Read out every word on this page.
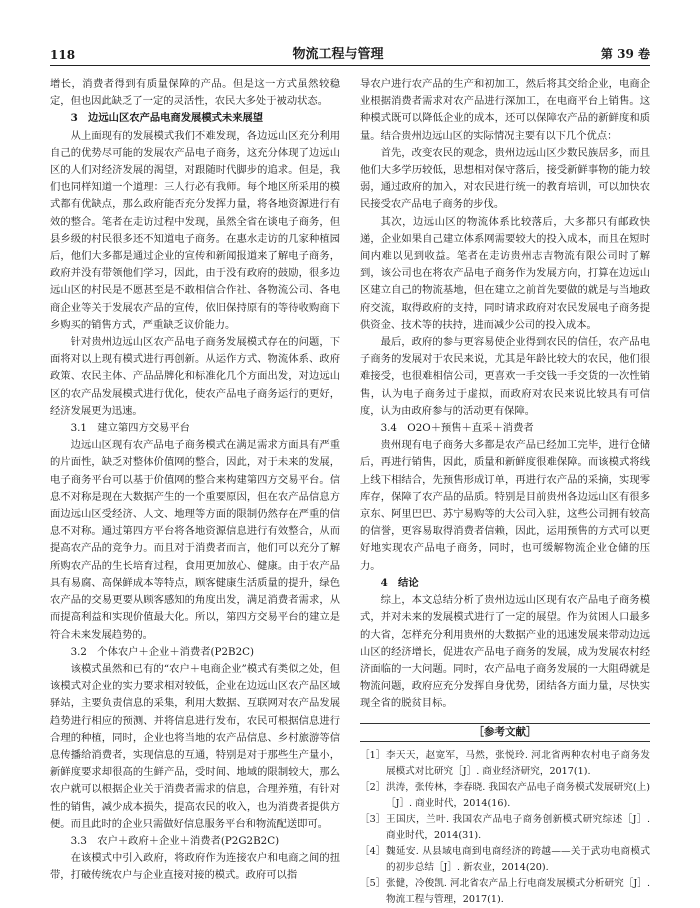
118	物流工程与管理	第 39 卷

增长，消费者得到有质量保障的产品。但是这一方式虽然较稳定，但也因此缺乏了一定的灵活性，农民大多处于被动状态。

3　边远山区农产品电商发展模式未来展望

从上面现有的发展模式我们不难发现，各边远山区充分利用自己的优势尽可能的发展农产品电子商务，这充分体现了边远山区的人们对经济发展的渴望，对跟随时代脚步的追求。但是，我们也同样知道一个道理：三人行必有我师。每个地区所采用的模式都有优缺点，那么政府能否充分发挥力量，将各地资源进行有效的整合。笔者在走访过程中发现，虽然全省在谈电子商务，但县乡级的村民很多还不知道电子商务。在惠水走访的几家种植园后，他们大多都是通过企业的宣传和新闻报道来了解电子商务，政府并没有带领他们学习，因此，由于没有政府的鼓励，很多边远山区的村民是不愿甚至是不敢相信合作社、各物流公司、各电商企业等关于发展农产品的宣传，依旧保持原有的等待收购商下乡购买的销售方式，严重缺乏议价能力。

针对贵州边远山区农产品电子商务发展模式存在的问题，下面将对以上现有模式进行再创新。从运作方式、物流体系、政府政策、农民主体、产品品牌化和标准化几个方面出发，对边远山区的农产品发展模式进行优化，使农产品电子商务运行的更好，经济发展更为迅速。

3.1　建立第四方交易平台

边远山区现有农产品电子商务模式在满足需求方面具有严重的片面性，缺乏对整体价值网的整合，因此，对于未来的发展，电子商务平台可以基于价值网的整合来构建第四方交易平台。信息不对称是现在大数据产生的一个重要原因，但在农产品信息方面边远山区受经济、人文、地理等方面的限制仍然存在严重的信息不对称。通过第四方平台将各地资源信息进行有效整合，从而提高农产品的竞争力。而且对于消费者而言，他们可以充分了解所购农产品的生长培育过程，食用更加放心、健康。由于农产品具有易腐、高保鲜成本等特点，顾客健康生活质量的提升，绿色农产品的交易更要从顾客感知的角度出发，满足消费者需求，从而提高利益和实现价值最大化。所以，第四方交易平台的建立是符合未来发展趋势的。

3.2　个体农户＋企业＋消费者(P2B2C)

该模式虽然和已有的“农户＋电商企业”模式有类似之处，但该模式对企业的实力要求相对较低，企业在边远山区农产品区域驿站，主要负责信息的采集，利用大数据、互联网对农产品发展趋势进行相应的预测、并将信息进行发布，农民可根据信息进行合理的种植，同时，企业也将当地的农产品信息、乡村旅游等信息传播给消费者，实现信息的互通，特别是对于那些生产量小，新鲜度要求却很高的生鲜产品，受时间、地域的限制较大，那么农户就可以根据企业关于消费者需求的信息，合理养殖，有针对性的销售，减少成本损失，提高农民的收入，也为消费者提供方便。而且此时的企业只需做好信息服务平台和物流配送即可。

3.3　农户＋政府＋企业＋消费者(P2G2B2C)

在该模式中引入政府，将政府作为连接农户和电商之间的扭带，打破传统农户与企业直接对接的模式。政府可以指

导农户进行农产品的生产和初加工，然后将其交给企业，电商企业根据消费者需求对农产品进行深加工，在电商平台上销售。这种模式既可以降低企业的成本，还可以保障农产品的新鲜度和质量。结合贵州边远山区的实际情况主要有以下几个优点：

首先，改变农民的观念，贵州边远山区少数民族居多，而且他们大多学历较低，思想相对保守落后，接受新鲜事物的能力较弱，通过政府的加入，对农民进行统一的教育培训，可以加快农民接受农产品电子商务的步伐。

其次，边远山区的物流体系比较落后，大多都只有邮政快递，企业如果自己建立体系网需要较大的投入成本，而且在短时间内难以见到收益。笔者在走访贵州志吉物流有限公司时了解到，该公司也在将农产品电子商务作为发展方向，打算在边远山区建立自己的物流基地，但在建立之前首先要做的就是与当地政府交流，取得政府的支持，同时请求政府对农民发展电子商务提供资金、技术等的扶持，进而减少公司的投入成本。

最后，政府的参与更容易使企业得到农民的信任，农产品电子商务的发展对于农民来说，尤其是年龄比较大的农民，他们很难接受，也很难相信公司，更喜欢一手交钱一手交货的一次性销售，认为电子商务过于虚拟，而政府对农民来说比较具有可信度，认为由政府参与的活动更有保障。

3.4　O2O＋预售＋直采＋消费者

贵州现有电子商务大多都是农产品已经加工完毕，进行仓储后，再进行销售，因此，质量和新鲜度很难保障。而该模式将线上线下相结合，先预售形成订单，再进行农产品的采摘，实现零库存，保障了农产品的品质。特别是目前贵州各边远山区有很多京东、阿里巴巴、苏宁易购等的大公司入驻，这些公司拥有较高的信誉，更容易取得消费者信赖，因此，运用预售的方式可以更好地实现农产品电子商务，同时，也可缓解物流企业仓储的压力。

4　结论

综上，本文总结分析了贵州边远山区现有农产品电子商务模式，并对未来的发展模式进行了一定的展望。作为贫困人口最多的大省，怎样充分利用贵州的大数据产业的迅速发展来带动边远山区的经济增长，促进农产品电子商务的发展，成为发展农村经济面临的一大问题。同时，农产品电子商务发展的一大阻碍就是物流问题，政府应充分发挥自身优势，团结各方面力量，尽快实现全省的脱贫目标。

［参考文献］
［1］ 李天天，赵宽军，马然，张悦玲. 河北省两种农村电子商务发展模式对比研究［J］. 商业经济研究，2017(1).
［2］ 洪涛，张传林，李春晓. 我国农产品电子商务模式发展研究(上)［J］. 商业时代，2014(16).
［3］ 王国庆，兰叶. 我国农产品电子商务创新模式研究综述［J］. 商业时代，2014(31).
［4］ 魏延安. 从县域电商到电商经济的跨越——关于武功电商模式的初步总结［J］. 新农业，2014(20).
［5］ 张健，冷俊凯. 河北省农产品上行电商发展模式分析研究［J］. 物流工程与管理，2017(1).
